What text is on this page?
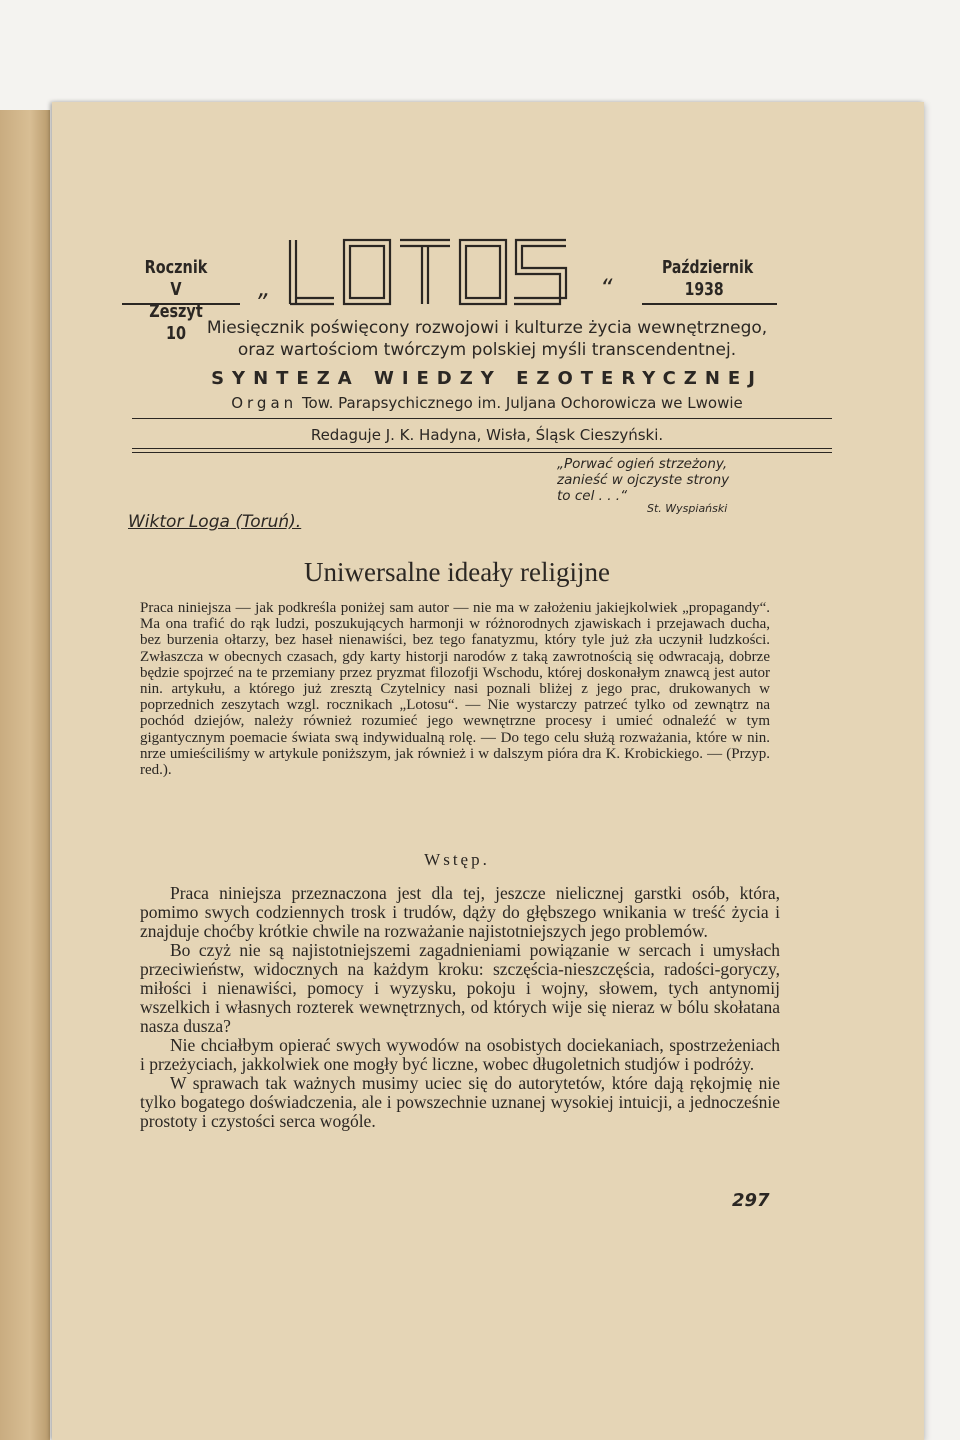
Rocznik V
Zeszyt 10
„	“
Październik
1938
Miesięcznik poświęcony rozwojowi i kulturze życia wewnętrznego,
oraz wartościom twórczym polskiej myśli transcendentnej.
SYNTEZA WIEDZY EZOTERYCZNEJ
Organ Tow. Parapsychicznego im. Juljana Ochorowicza we Lwowie
Redaguje J. K. Hadyna, Wisła, Śląsk Cieszyński.
„Porwać ogień strzeżony,
zanieść w ojczyste strony
to cel . . .“
St. Wyspiański
Wiktor Loga (Toruń).
Uniwersalne ideały religijne
Praca niniejsza — jak podkreśla poniżej sam autor — nie ma w założeniu jakiejkolwiek „propagandy“. Ma ona trafić do rąk ludzi, poszukujących harmonji w różnorodnych zjawiskach i przejawach ducha, bez burzenia ołtarzy, bez haseł nienawiści, bez tego fanatyzmu, który tyle już zła uczynił ludzkości. Zwłaszcza w obecnych czasach, gdy karty historji narodów z taką zawrotnością się odwracają, dobrze będzie spojrzeć na te przemiany przez pryzmat filozofji Wschodu, której doskonałym znawcą jest autor nin. artykułu, a którego już zresztą Czytelnicy nasi poznali bliżej z jego prac, drukowanych w poprzednich zeszytach wzgl. rocznikach „Lotosu“. — Nie wystarczy patrzeć tylko od zewnątrz na pochód dziejów, należy również rozumieć jego wewnętrzne procesy i umieć odnaleźć w tym gigantycznym poemacie świata swą indywidualną rolę. — Do tego celu służą rozważania, które w nin. nrze umieściliśmy w artykule poniższym, jak również i w dalszym piórа dra K. Krobickiego. — (Przyp. red.).
Wstęp.

Praca niniejsza przeznaczona jest dla tej, jeszcze nielicznej garstki osób, która, pomimo swych codziennych trosk i trudów, dąży do głębszego wnikania w treść życia i znajduje choćby krótkie chwile na rozważanie najistotniejszych jego problemów.

Bo czyż nie są najistotniejszemi zagadnieniami powiązanie w sercach i umysłach przeciwieństw, widocznych na każdym kroku: szczęścia-nieszczęścia, radości-goryczy, miłości i nienawiści, pomocy i wyzysku, pokoju i wojny, słowem, tych antynomij wszelkich i własnych rozterek wewnętrznych, od których wije się nieraz w bólu skołatana nasza dusza?

Nie chciałbym opierać swych wywodów na osobistych dociekaniach, spostrzeżeniach i przeżyciach, jakkolwiek one mogły być liczne, wobec długoletnich studjów i podróży.

W sprawach tak ważnych musimy uciec się do autorytetów, które dają rękojmię nie tylko bogatego doświadczenia, ale i powszechnie uznanej wysokiej intuicji, a jednocześnie prostoty i czystości serca wogóle.

297
